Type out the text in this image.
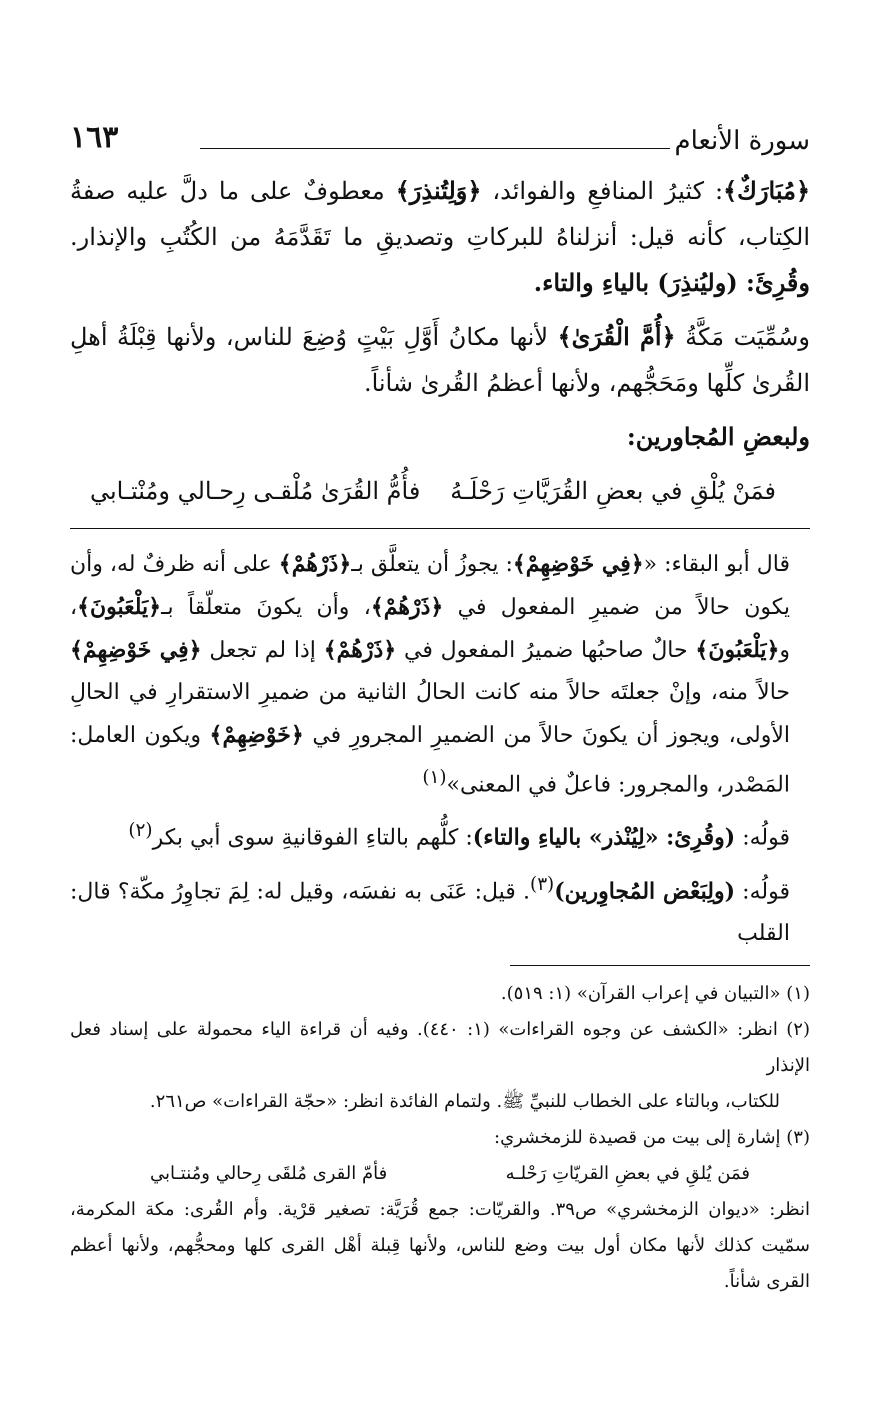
سورة الأنعام
١٦٣

﴿مُبَارَكٌ﴾: كثيرُ المنافعِ والفوائد، ﴿وَلِتُنذِرَ﴾ معطوفٌ على ما دلَّ عليه صفةُ الكِتاب، كأنه قيل: أنزلناهُ للبركاتِ وتصديقِ ما تَقَدَّمَهُ من الكُتُبِ والإنذار. وقُرِئَ: (وليُنذِرَ) بالياءِ والتاء.

وسُمِّيَت مَكَّةُ ﴿أُمَّ الْقُرَىٰ﴾ لأنها مكانُ أَوَّلِ بَيْتٍ وُضِعَ للناس، ولأنها قِبْلَةُ أهلِ القُرىٰ كلِّها ومَحَجُّهم، ولأنها أعظمُ القُرىٰ شأناً.

ولبعضِ المُجاورين:

فمَنْ يُلْقِ في بعضِ القُرَيَّاتِ رَحْلَـهُ
فأُمُّ القُرَىٰ مُلْقـى رِحـالي ومُنْتـابي

قال أبو البقاء: «﴿فِي خَوْضِهِمْ﴾: يجوزُ أن يتعلَّق بـ﴿ذَرْهُمْ﴾ على أنه ظرفٌ له، وأن يكون حالاً من ضميرِ المفعول في ﴿ذَرْهُمْ﴾، وأن يكونَ متعلّقاً بـ﴿يَلْعَبُونَ﴾، و﴿يَلْعَبُونَ﴾ حالٌ صاحبُها ضميرُ المفعول في ﴿ذَرْهُمْ﴾ إذا لم تجعل ﴿فِي خَوْضِهِمْ﴾ حالاً منه، وإنْ جعلتَه حالاً منه كانت الحالُ الثانية من ضميرِ الاستقرارِ في الحالِ الأولى، ويجوز أن يكونَ حالاً من الضميرِ المجرورِ في ﴿خَوْضِهِمْ﴾ ويكون العامل: المَصْدر، والمجرور: فاعلٌ في المعنى»$^{(١)}$

قولُه: (وقُرِئ: «لِيُنْذر» بالياءِ والتاء): كلُّهم بالتاءِ الفوقانيةِ سوى أبي بكر$^{(٢)}$

قولُه: (ولِبَعْض المُجاوِرين)$^{(٣)}$. قيل: عَنَى به نفسَه، وقيل له: لِمَ تجاوِرُ مكّة؟ قال: القلب

(١) «التبيان في إعراب القرآن» (١: ٥١٩).

(٢) انظر: «الكشف عن وجوه القراءات» (١: ٤٤٠). وفيه أن قراءة الياء محمولة على إسناد فعل الإنذار

للكتاب، وبالتاء على الخطاب للنبيِّ ﷺ. ولتمام الفائدة انظر: «حجّة القراءات» ص٢٦١.

(٣) إشارة إلى بيت من قصيدة للزمخشري:

فمَن يُلقِ في بعضِ القريّاتِ رَحْلـه
فأمّ القرى مُلقَى رِحالي ومُنتـابي

انظر: «ديوان الزمخشري» ص٣٩. والقريّات: جمع قُرَيَّة: تصغير قرْية. وأم القُرى: مكة المكرمة، سمّيت كذلك لأنها مكان أول بيت وضع للناس، ولأنها قِبلة أهْل القرى كلها ومحجُّهم، ولأنها أعظم القرى شأناً.
